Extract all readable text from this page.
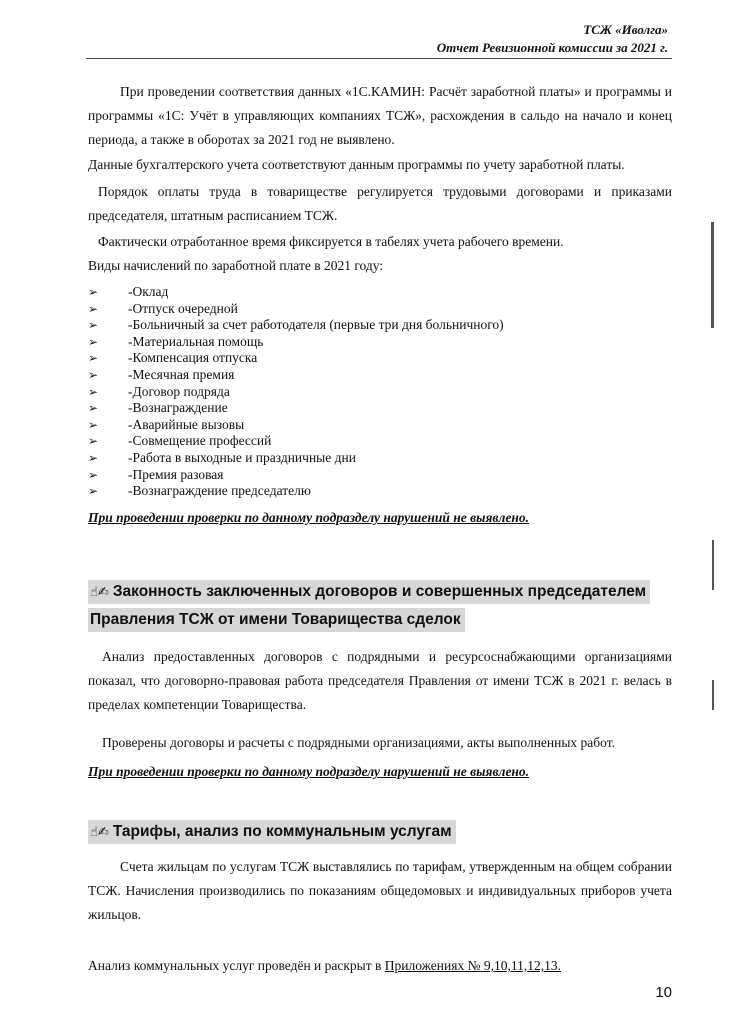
ТСЖ «Иволга»
Отчет Ревизионной комиссии за 2021 г.

При проведении соответствия данных «1С.КАМИН: Расчёт заработной платы» и программы и программы «1С: Учёт в управляющих компаниях ТСЖ», расхождения в сальдо на начало и конец периода, а также в оборотах за 2021 год не выявлено.

Данные бухгалтерского учета соответствуют данным программы по учету заработной платы.

Порядок оплаты труда в товариществе регулируется трудовыми договорами и приказами председателя, штатным расписанием ТСЖ.

Фактически отработанное время фиксируется в табелях учета рабочего времени.

Виды начислений по заработной плате в 2021 году:

➢ -Оклад
➢ -Отпуск очередной
➢ -Больничный за счет работодателя (первые три дня больничного)
➢ -Материальная помощь
➢ -Компенсация отпуска
➢ -Месячная премия
➢ -Договор подряда
➢ -Вознаграждение
➢ -Аварийные вызовы
➢ -Совмещение профессий
➢ -Работа в выходные и праздничные дни
➢ -Премия разовая
➢ -Вознаграждение председателю
При проведении проверки по данному подразделу нарушений не выявлено.
☝✍ Законность заключенных договоров и совершенных председателем
Правления ТСЖ от имени Товарищества сделок

Анализ предоставленных договоров с подрядными и ресурсоснабжающими организациями показал, что договорно-правовая работа председателя Правления от имени ТСЖ в 2021 г. велась в пределах компетенции Товарищества.

Проверены договоры и расчеты с подрядными организациями, акты выполненных работ.

При проведении проверки по данному подразделу нарушений не выявлено.
☝✍ Тарифы, анализ по коммунальным услугам

Счета жильцам по услугам ТСЖ выставлялись по тарифам, утвержденным на общем собрании ТСЖ. Начисления производились по показаниям общедомовых и индивидуальных приборов учета жильцов.

Анализ коммунальных услуг проведён и раскрыт в Приложениях № 9,10,11,12,13.

10
